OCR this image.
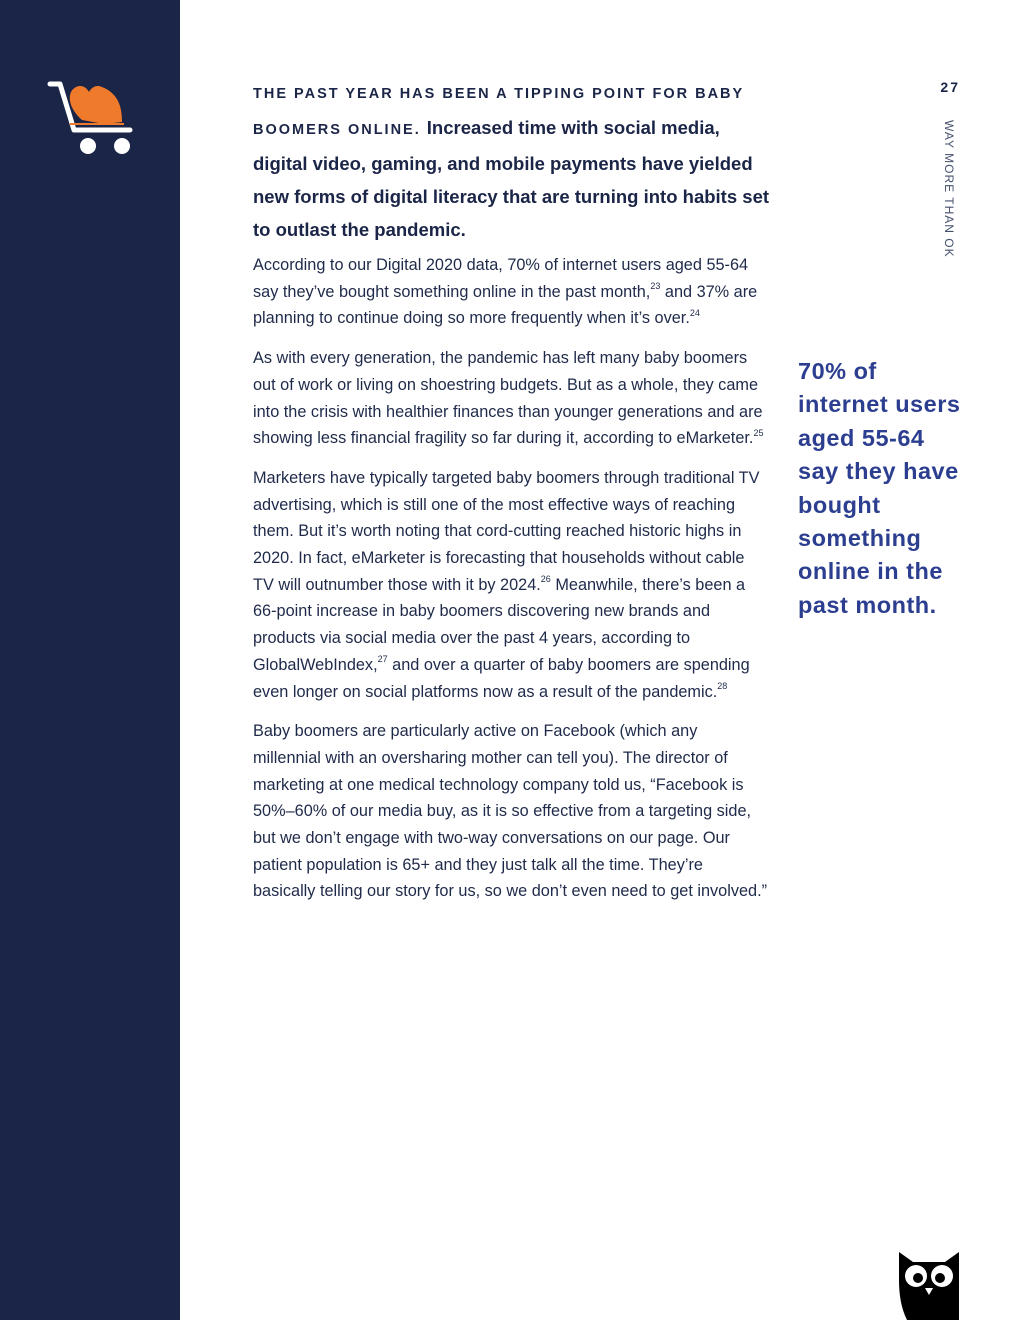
27
WAY MORE THAN OK

THE PAST YEAR HAS BEEN A TIPPING POINT FOR BABY BOOMERS ONLINE. Increased time with social media, digital video, gaming, and mobile payments have yielded new forms of digital literacy that are turning into habits set to outlast the pandemic.

According to our Digital 2020 data, 70% of internet users aged 55-64 say they’ve bought something online in the past month,$^{23}$ and 37% are planning to continue doing so more frequently when it’s over.$^{24}$

As with every generation, the pandemic has left many baby boomers out of work or living on shoestring budgets. But as a whole, they came into the crisis with healthier finances than younger generations and are showing less financial fragility so far during it, according to eMarketer.$^{25}$

Marketers have typically targeted baby boomers through traditional TV advertising, which is still one of the most effective ways of reaching them. But it’s worth noting that cord-cutting reached historic highs in 2020. In fact, eMarketer is forecasting that households without cable TV will outnumber those with it by 2024.26 Meanwhile, there’s been a 66-point increase in baby boomers discovering new brands and products via social media over the past 4 years, according to GlobalWebIndex,$^{27}$ and over a quarter of baby boomers are spending even longer on social platforms now as a result of the pandemic.$^{28}$

Baby boomers are particularly active on Facebook (which any millennial with an oversharing mother can tell you). The director of marketing at one medical technology company told us, “Facebook is 50%–60% of our media buy, as it is so effective from a targeting side, but we don’t engage with two-way conversations on our page. Our patient population is 65+ and they just talk all the time. They’re basically telling our story for us, so we don’t even need to get involved.”

70% of internet users aged 55-64 say they have bought something online in the past month.
